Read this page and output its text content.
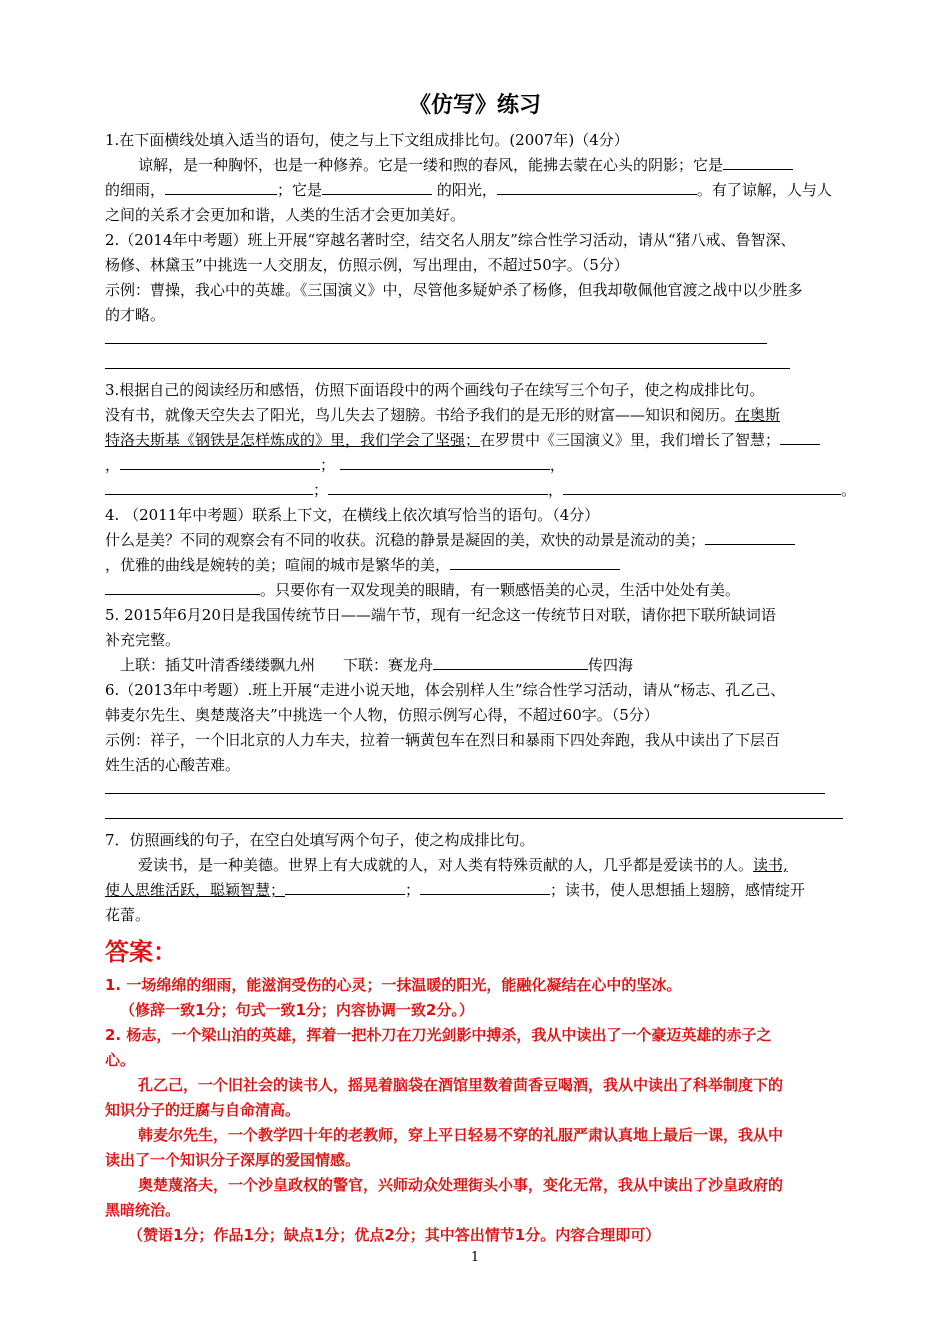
《仿写》练习
1.在下面横线处填入适当的语句，使之与上下文组成排比句。(2007年)（4分）
谅解，是一种胸怀，也是一种修养。它是一缕和煦的春风，能拂去蒙在心头的阴影；它是
的细雨，	；它是	的阳光，	。有了谅解，人与人
之间的关系才会更加和谐，人类的生活才会更加美好。
2.（2014年中考题）班上开展“穿越名著时空，结交名人朋友”综合性学习活动，请从“猪八戒、鲁智深、
杨修、林黛玉”中挑选一人交朋友，仿照示例，写出理由，不超过50字。（5分）
示例：曹操，我心中的英雄。《三国演义》中，尽管他多疑妒杀了杨修，但我却敬佩他官渡之战中以少胜多
的才略。
3.根据自己的阅读经历和感悟，仿照下面语段中的两个画线句子在续写三个句子，使之构成排比句。
没有书，就像天空失去了阳光，鸟儿失去了翅膀。书给予我们的是无形的财富——知识和阅历。在奥斯
特洛夫斯基《钢铁是怎样炼成的》里，我们学会了坚强；在罗贯中《三国演义》里，我们增长了智慧；
，	；	，
；	，	。
4. （2011年中考题）联系上下文，在横线上依次填写恰当的语句。（4分）
什么是美？不同的观察会有不同的收获。沉稳的静景是凝固的美，欢快的动景是流动的美；
，优雅的曲线是婉转的美；喧闹的城市是繁华的美，
。只要你有一双发现美的眼睛，有一颗感悟美的心灵，生活中处处有美。
5. 2015年6月20日是我国传统节日——端午节，现有一纪念这一传统节日对联，请你把下联所缺词语
补充完整。
上联：插艾叶清香缕缕飘九州 下联：赛龙舟	传四海
6.（2013年中考题）.班上开展“走进小说天地，体会别样人生”综合性学习活动，请从“杨志、孔乙己、
韩麦尔先生、奥楚蔑洛夫”中挑选一个人物，仿照示例写心得，不超过60字。（5分）
示例：祥子，一个旧北京的人力车夫，拉着一辆黄包车在烈日和暴雨下四处奔跑，我从中读出了下层百
姓生活的心酸苦难。
7．仿照画线的句子，在空白处填写两个句子，使之构成排比句。
爱读书，是一种美德。世界上有大成就的人，对人类有特殊贡献的人，几乎都是爱读书的人。读书,
使人思维活跃，聪颖智慧；	；	；读书，使人思想插上翅膀，感情绽开
花蕾。
答案：
1. 一场绵绵的细雨，能滋润受伤的心灵；一抹温暖的阳光，能融化凝结在心中的坚冰。
（修辞一致1分；句式一致1分；内容协调一致2分。）
2. 杨志，一个梁山泊的英雄，挥着一把朴刀在刀光剑影中搏杀，我从中读出了一个豪迈英雄的赤子之
心。
孔乙己，一个旧社会的读书人，摇晃着脑袋在酒馆里数着茴香豆喝酒，我从中读出了科举制度下的
知识分子的迂腐与自命清高。
韩麦尔先生，一个教学四十年的老教师，穿上平日轻易不穿的礼服严肃认真地上最后一课，我从中
读出了一个知识分子深厚的爱国情感。
奥楚蔑洛夫，一个沙皇政权的警官，兴师动众处理街头小事，变化无常，我从中读出了沙皇政府的
黑暗统治。
（赞语1分；作品1分；缺点1分；优点2分；其中答出情节1分。内容合理即可）
1
